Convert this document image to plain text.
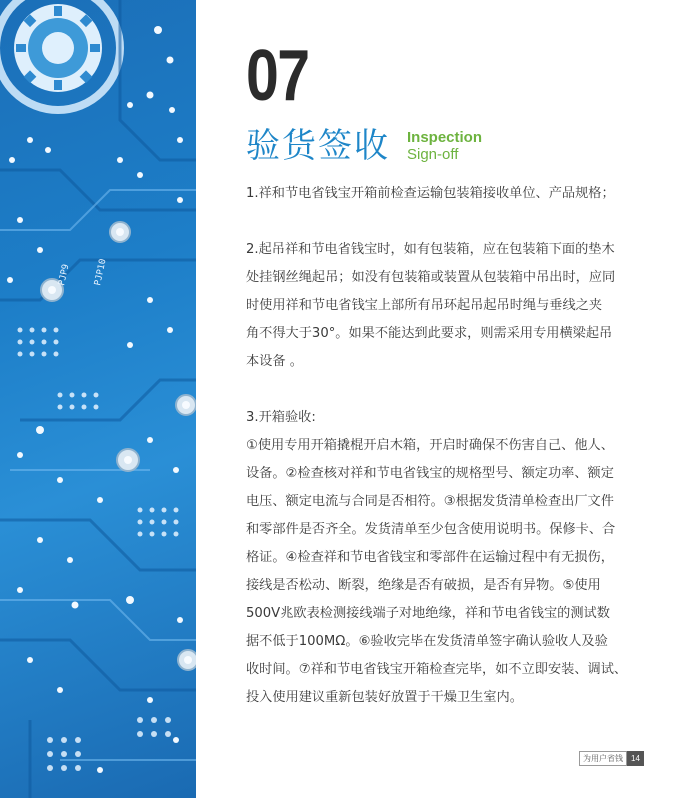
PJP9 PJP10
07
验货签收 Inspection
Sign-off

1.祥和节电省钱宝开箱前检查运输包装箱接收单位、产品规格；

2.起吊祥和节电省钱宝时，如有包装箱，应在包装箱下面的垫木

处挂钢丝绳起吊；如没有包装箱或装置从包装箱中吊出时，应同

时使用祥和节电省钱宝上部所有吊环起吊起吊时绳与垂线之夹

角不得大于30°。如果不能达到此要求，则需采用专用横梁起吊

本设备 。

3.开箱验收:

①使用专用开箱撬棍开启木箱，开启时确保不伤害自己、他人、

设备。②检查核对祥和节电省钱宝的规格型号、额定功率、额定

电压、额定电流与合同是否相符。③根据发货清单检查出厂文件

和零部件是否齐全。发货清单至少包含使用说明书。保修卡、合

格证。④检查祥和节电省钱宝和零部件在运输过程中有无损伤，

接线是否松动、断裂，绝缘是否有破损，是否有异物。⑤使用

500V兆欧表检测接线端子对地绝缘，祥和节电省钱宝的测试数

据不低于100MΩ。⑥验收完毕在发货清单签字确认验收人及验

收时间。⑦祥和节电省钱宝开箱检查完毕，如不立即安装、调试、

投入使用建议重新包装好放置于干燥卫生室内。

为用户省钱	14
